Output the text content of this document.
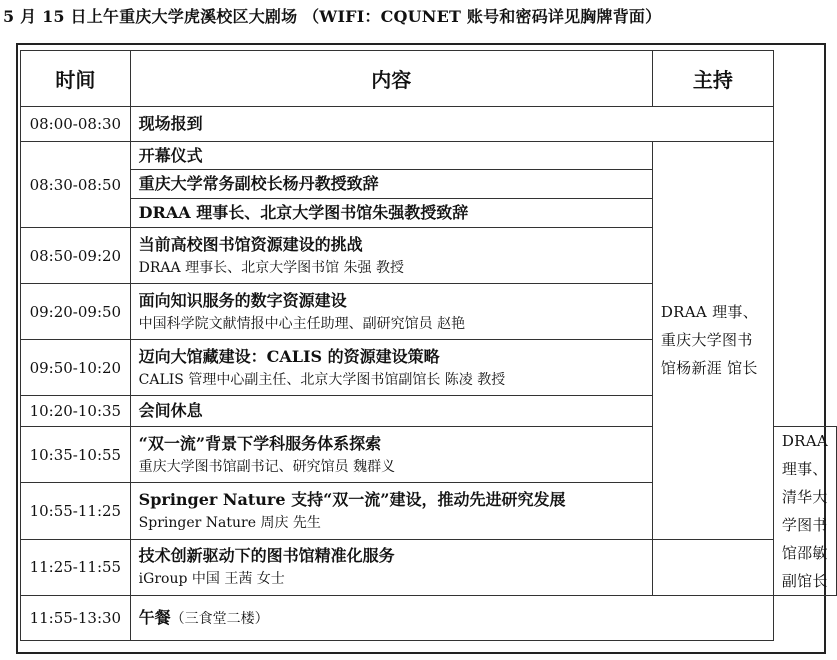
5 月 15 日上午重庆大学虎溪校区大剧场 （WIFI：CQUNET 账号和密码详见胸牌背面）
时间	内容	主持	
08:00-08:30	现场报到		

08:30-08:50	开幕仪式	DRAA 理事、重庆大学图书馆杨新涯 馆长	

	重庆大学常务副校长杨丹教授致辞		

	DRAA 理事长、北京大学图书馆朱强教授致辞		

08:50-09:20	当前高校图书馆资源建设的挑战
DRAA 理事长、北京大学图书馆 朱强 教授		

09:20-09:50	面向知识服务的数字资源建设
中国科学院文献情报中心主任助理、副研究馆员 赵艳		

09:50-10:20	迈向大馆藏建设：CALIS 的资源建设策略
CALIS 管理中心副主任、北京大学图书馆副馆长 陈凌 教授		

10:20-10:35	会间休息		

10:35-10:55	“双一流”背景下学科服务体系探索
重庆大学图书馆副书记、研究馆员 魏群义		DRAA 理事、清华大学图书馆邵敏 副馆长
10:55-11:25	Springer Nature 支持“双一流”建设，推动先进研究发展
Springer Nature 周庆 先生		

11:25-11:55	技术创新驱动下的图书馆精准化服务
iGroup 中国 王茜 女士		

11:55-13:30	午餐（三食堂二楼）		
